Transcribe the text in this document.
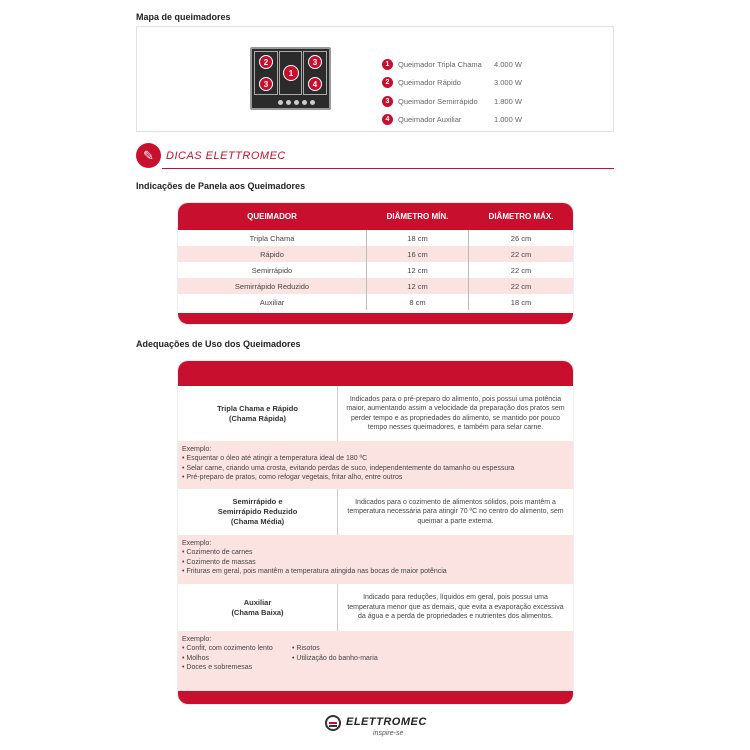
Mapa de queimadores
2
1
3
3	4
1	Queimador Tripla Chama	4.000 W
2	Queimador Rápido	3.000 W
3	Queimador Semirrápido	1.800 W
4	Queimador Auxiliar	1.000 W
✎	DICAS ELETTROMEC
Indicações de Panela aos Queimadores
QUEIMADOR	DIÂMETRO MÍN.	DIÂMETRO MÁX.
Tripla Chama	18 cm	26 cm
Rápido	16 cm	22 cm
Semirrápido	12 cm	22 cm
Semirrápido Reduzido	12 cm	22 cm
Auxiliar	8 cm	18 cm
Adequações de Uso dos Queimadores
Tripla Chama e Rápido
(Chama Rápida)
Indicados para o pré-preparo do alimento, pois possui uma potência maior, aumentando assim a velocidade da preparação dos pratos sem perder tempo e as propriedades do alimento, se mantido por pouco tempo nesses queimadores, e também para selar carne.
Exemplo:
• Esquentar o óleo até atingir a temperatura ideal de 180 ºC
• Selar carne, criando uma crosta, evitando perdas de suco, independentemente do tamanho ou espessura
• Pré-preparo de pratos, como refogar vegetais, fritar alho, entre outros
Semirrápido e
Semirrápido Reduzido
(Chama Média)
Indicados para o cozimento de alimentos sólidos, pois mantêm a temperatura necessária para atingir 70 ºC no centro do alimento, sem queimar a parte externa.
Exemplo:
• Cozimento de carnes
• Cozimento de massas
• Frituras em geral, pois mantêm a temperatura atingida nas bocas de maior potência
Auxiliar
(Chama Baixa)
Indicado para reduções, líquidos em geral, pois possui uma temperatura menor que as demais, que evita a evaporação excessiva da água e a perda de propriedades e nutrientes dos alimentos.
Exemplo:
• Confit, com cozimento lento
• Molhos
• Doces e sobremesas
• Risotos
• Utilização do banho-maria
ELETTROMEC
inspire-se
